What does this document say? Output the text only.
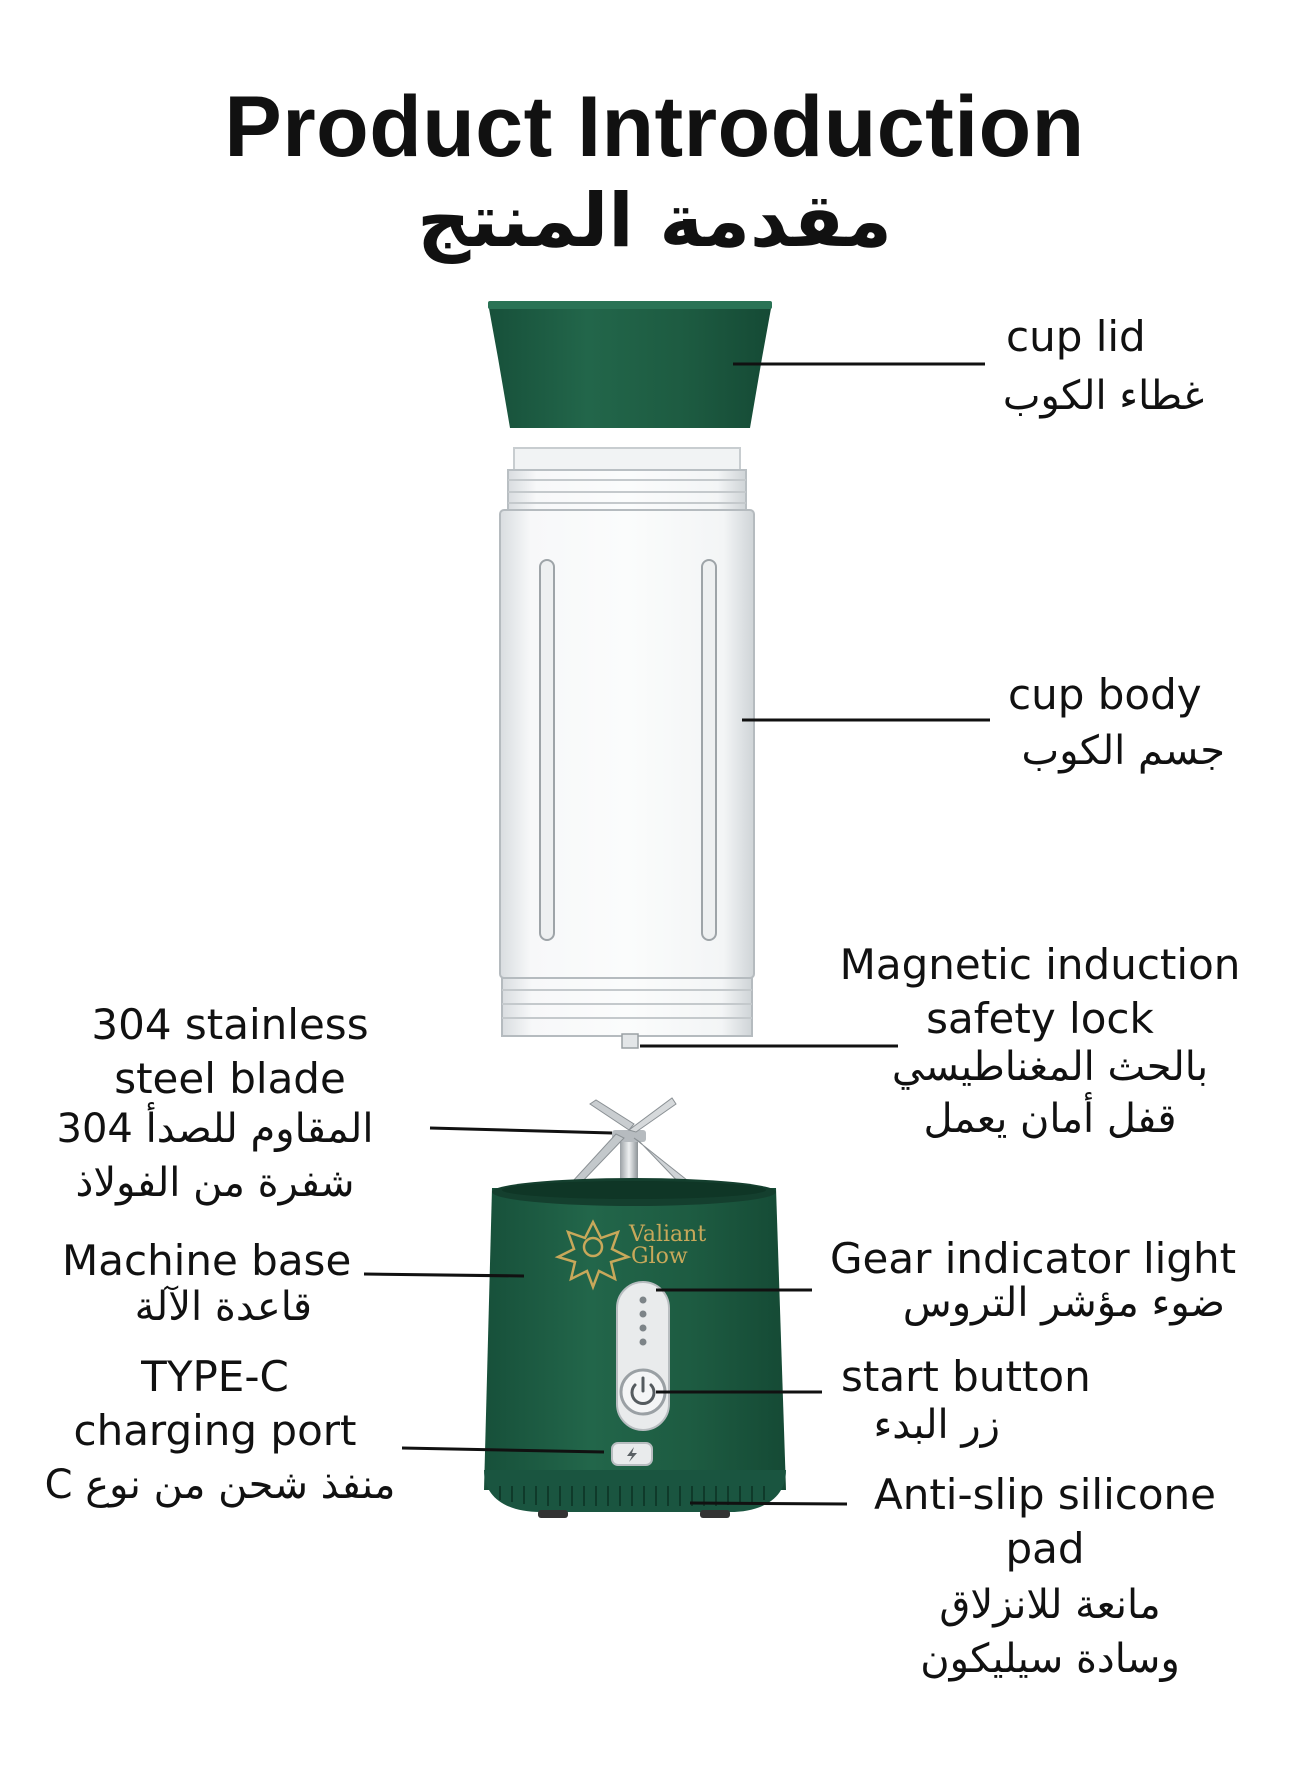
Product Introduction
مقدمة المنتج
Valiant
Glow
cup lid
غطاء الكوب
cup body
جسم الكوب
Magnetic induction
safety lock
بالحث المغناطيسي
قفل أمان يعمل
Gear indicator light
ضوء مؤشر التروس
start button
زر البدء
Anti-slip silicone
pad
مانعة للانزلاق
وسادة سيليكون
304 stainless
steel blade
المقاوم للصدأ 304
شفرة من الفولاذ
Machine base
قاعدة الآلة
TYPE-C
charging port
منفذ شحن من نوع C
